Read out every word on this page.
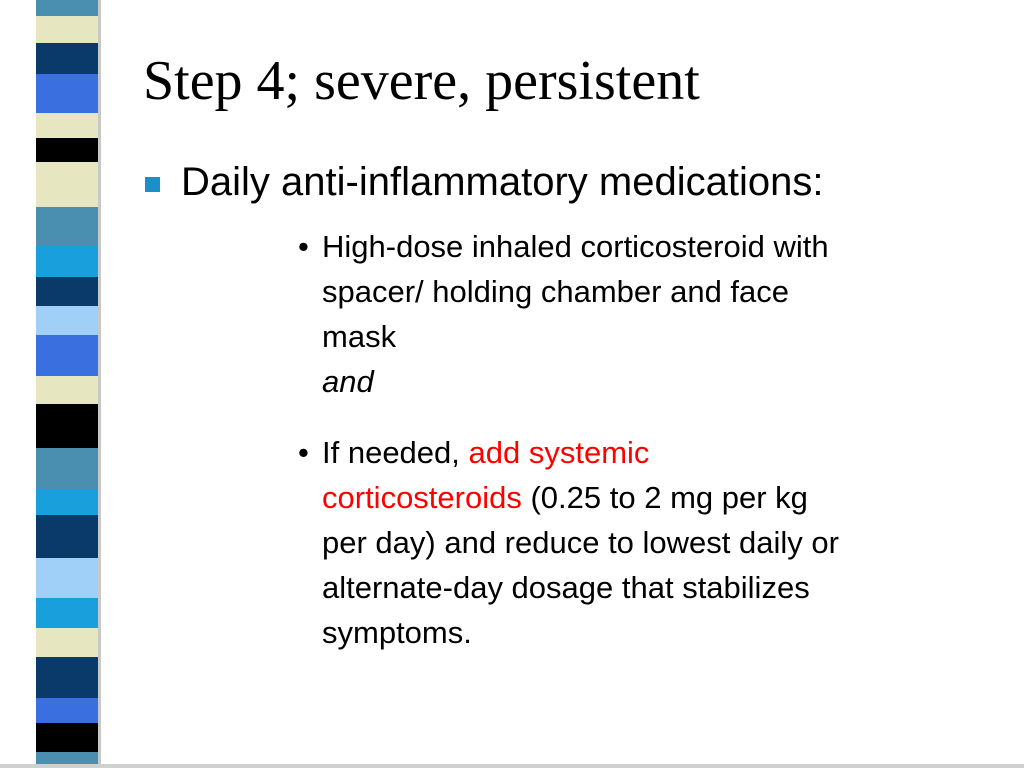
Step 4; severe, persistent

Daily anti-inflammatory medications:

• High-dose inhaled corticosteroid with
spacer/ holding chamber and face
mask
and
• If needed, add systemic
corticosteroids (0.25 to 2 mg per kg
per day) and reduce to lowest daily or
alternate-day dosage that stabilizes
symptoms.
